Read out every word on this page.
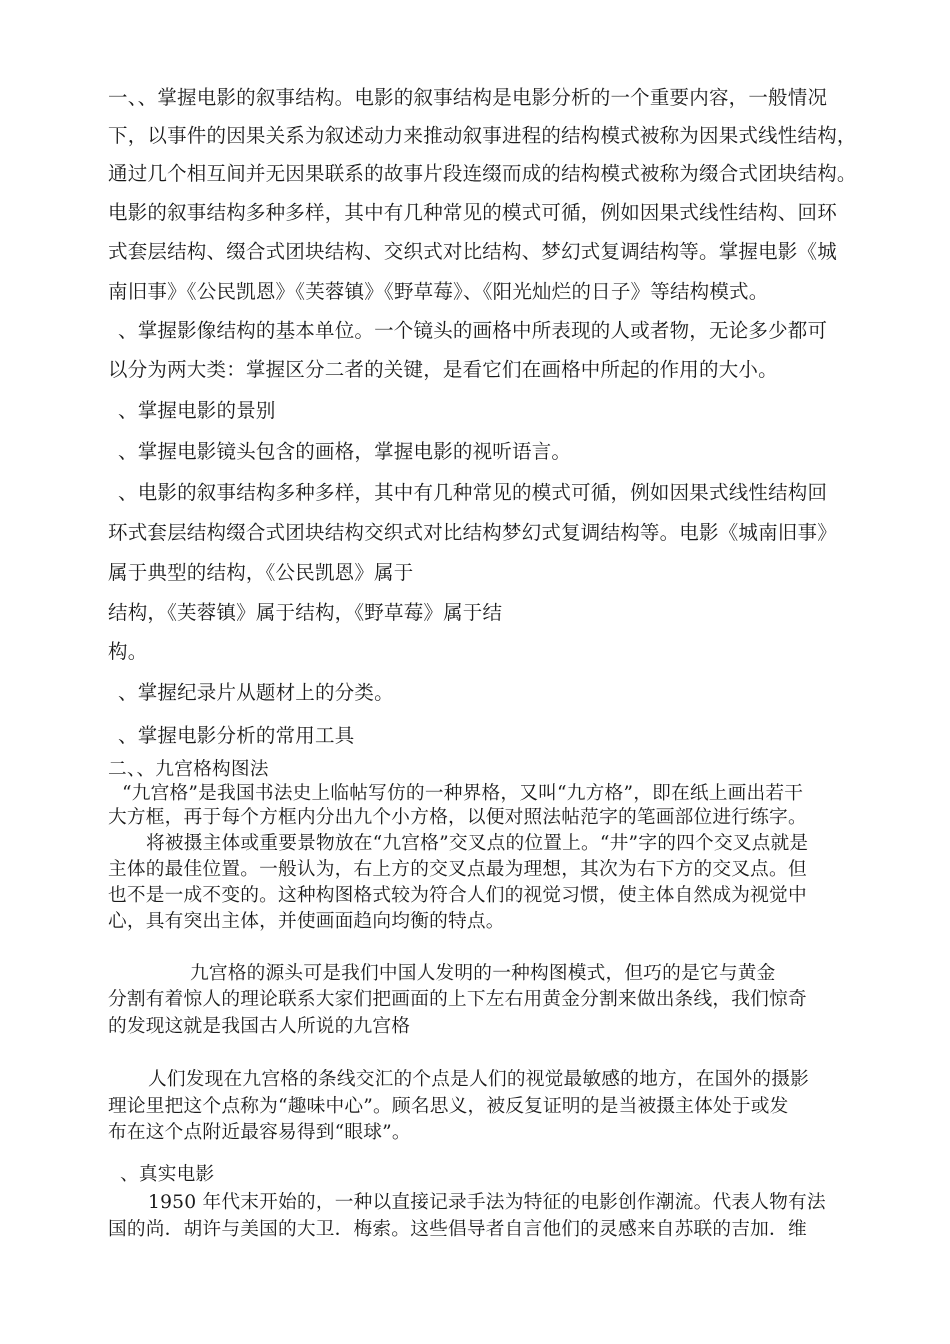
一、、掌握电影的叙事结构。电影的叙事结构是电影分析的一个重要内容，一般情况
下，以事件的因果关系为叙述动力来推动叙事进程的结构模式被称为因果式线性结构，
通过几个相互间并无因果联系的故事片段连缀而成的结构模式被称为缀合式团块结构。
电影的叙事结构多种多样，其中有几种常见的模式可循，例如因果式线性结构、回环
式套层结构、缀合式团块结构、交织式对比结构、梦幻式复调结构等。掌握电影《城
南旧事》《公民凯恩》《芙蓉镇》《野草莓》、《阳光灿烂的日子》等结构模式。
、掌握影像结构的基本单位。一个镜头的画格中所表现的人或者物，无论多少都可
以分为两大类：掌握区分二者的关键，是看它们在画格中所起的作用的大小。
、掌握电影的景别
、掌握电影镜头包含的画格，掌握电影的视听语言。
、电影的叙事结构多种多样，其中有几种常见的模式可循，例如因果式线性结构回
环式套层结构缀合式团块结构交织式对比结构梦幻式复调结构等。电影《城南旧事》
属于典型的结构，《公民凯恩》属于
结构，《芙蓉镇》属于结构，《野草莓》属于结
构。
、掌握纪录片从题材上的分类。
、掌握电影分析的常用工具
二、、九宫格构图法
“九宫格”是我国书法史上临帖写仿的一种界格，又叫“九方格”，即在纸上画出若干
大方框，再于每个方框内分出九个小方格，以便对照法帖范字的笔画部位进行练字。
将被摄主体或重要景物放在“九宫格”交叉点的位置上。“井”字的四个交叉点就是
主体的最佳位置。一般认为，右上方的交叉点最为理想，其次为右下方的交叉点。但
也不是一成不变的。这种构图格式较为符合人们的视觉习惯，使主体自然成为视觉中
心，具有突出主体，并使画面趋向均衡的特点。
九宫格的源头可是我们中国人发明的一种构图模式，但巧的是它与黄金
分割有着惊人的理论联系大家们把画面的上下左右用黄金分割来做出条线，我们惊奇
的发现这就是我国古人所说的九宫格
人们发现在九宫格的条线交汇的个点是人们的视觉最敏感的地方，在国外的摄影
理论里把这个点称为“趣味中心”。顾名思义，被反复证明的是当被摄主体处于或发
布在这个点附近最容易得到“眼球”。
、真实电影
1950 年代末开始的，一种以直接记录手法为特征的电影创作潮流。代表人物有法
国的尚．胡许与美国的大卫．梅索。这些倡导者自言他们的灵感来自苏联的吉加．维
